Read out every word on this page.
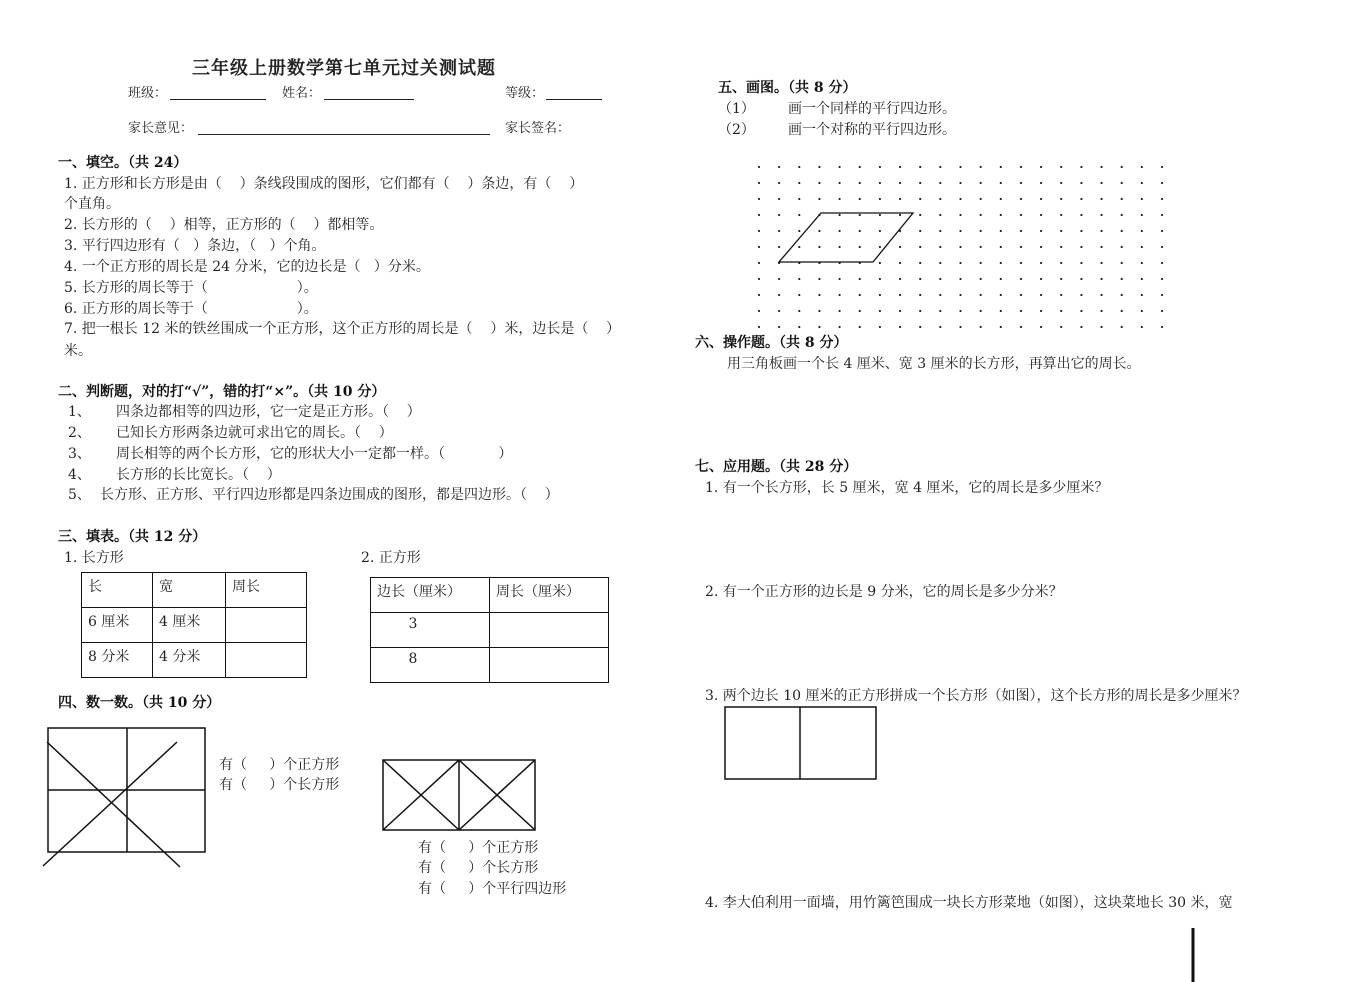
三年级上册数学第七单元过关测试题
班级：	姓名：	等级：
家长意见：	家长签名：
一、填空。（共 24）
1. 正方形和长方形是由（    ）条线段围成的图形，它们都有（    ）条边，有（    ）
个直角。
2. 长方形的（    ）相等，正方形的（    ）都相等。
3. 平行四边形有（   ）条边，（   ）个角。
4. 一个正方形的周长是 24 分米，它的边长是（   ）分米。
5. 长方形的周长等于（                    ）。
6. 正方形的周长等于（                    ）。
7. 把一根长 12 米的铁丝围成一个正方形，这个正方形的周长是（    ）米，边长是（    ）
米。
二、判断题，对的打“√”，错的打“×”。（共 10 分）
1、 四条边都相等的四边形，它一定是正方形。（    ）
2、 已知长方形两条边就可求出它的周长。（    ）
3、 周长相等的两个长方形，它的形状大小一定都一样。（            ）
4、 长方形的长比宽长。（    ）
5、 长方形、正方形、平行四边形都是四条边围成的图形，都是四边形。（    ）
三、填表。（共 12 分）
1. 长方形	2. 正方形
长	宽	周长
6 厘米	4 厘米	
8 分米	4 分米	
边长（厘米）	周长（厘米）
3	
8	
四、数一数。（共 10 分）
有（     ）个正方形
有（     ）个长方形
有（     ）个正方形
有（     ）个长方形
有（     ）个平行四边形
五、画图。（共 8 分）
（1） 画一个同样的平行四边形。
（2） 画一个对称的平行四边形。
六、操作题。（共 8 分）
用三角板画一个长 4 厘米、宽 3 厘米的长方形，再算出它的周长。
七、应用题。（共 28 分）
1. 有一个长方形，长 5 厘米，宽 4 厘米，它的周长是多少厘米？
2. 有一个正方形的边长是 9 分米，它的周长是多少分米？
3. 两个边长 10 厘米的正方形拼成一个长方形（如图），这个长方形的周长是多少厘米？
4. 李大伯利用一面墙，用竹篱笆围成一块长方形菜地（如图），这块菜地长 30 米，宽
